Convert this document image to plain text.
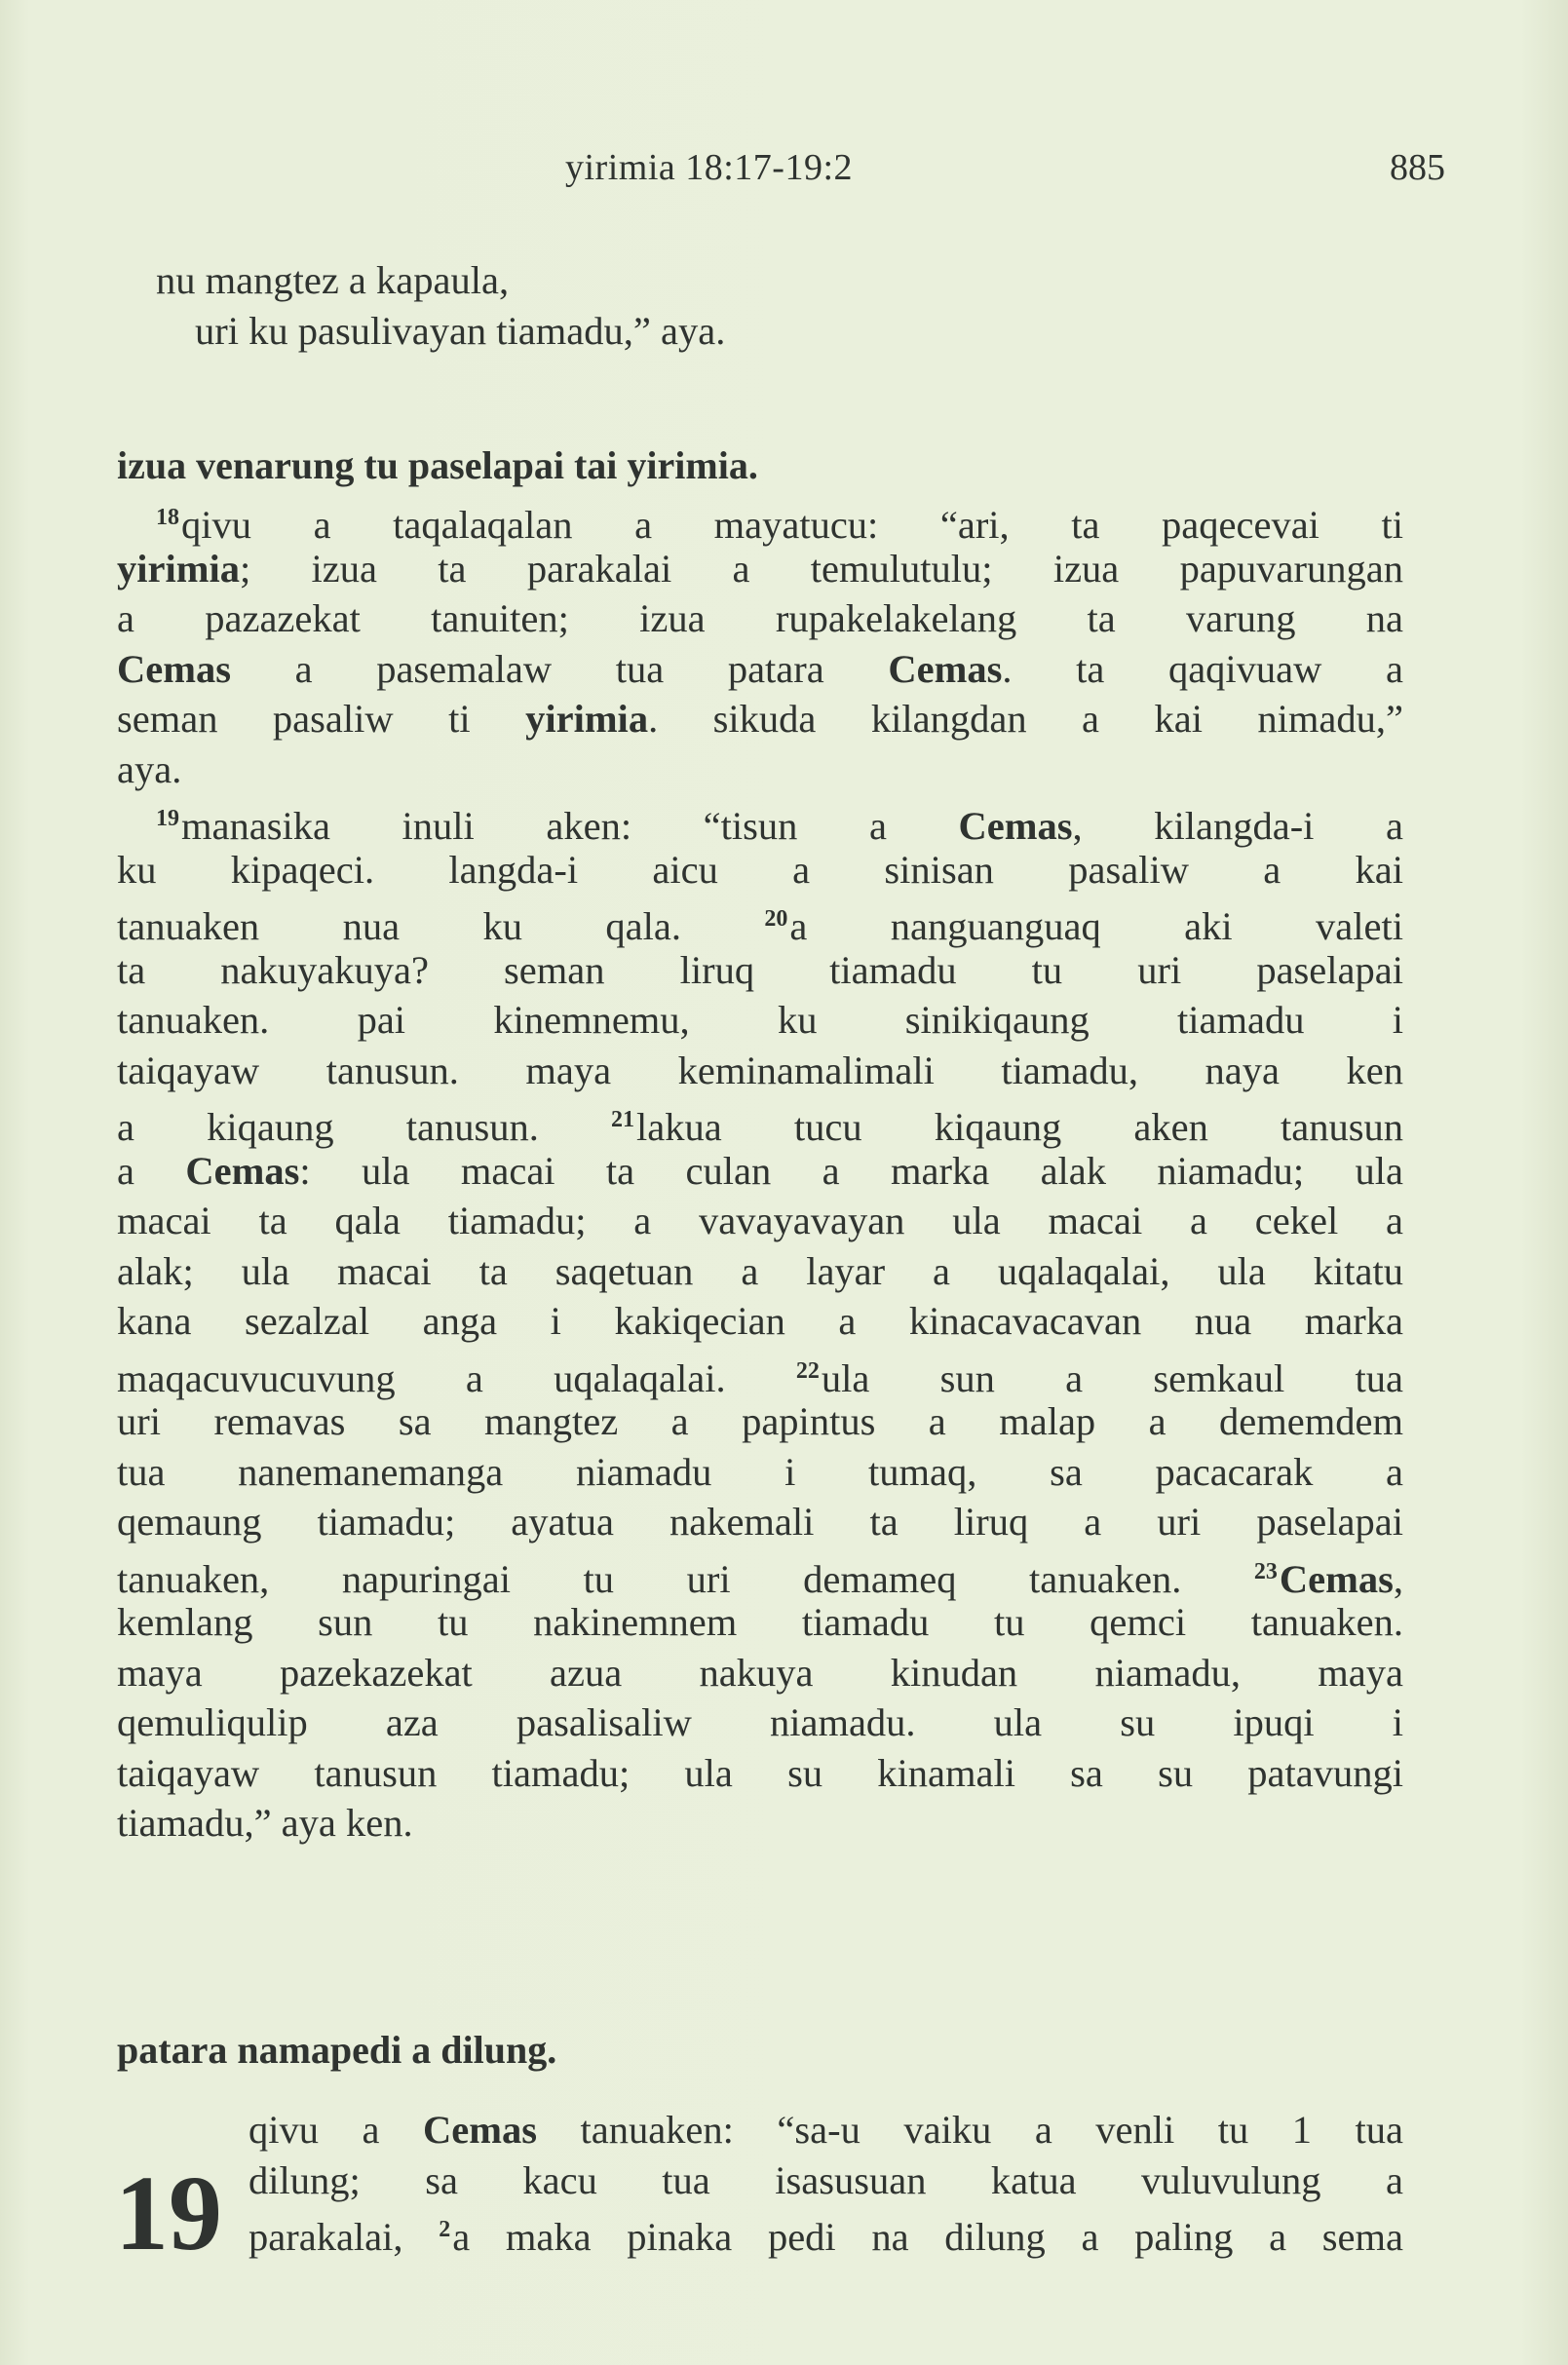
yirimia 18:17-19:2	885
nu mangtez a kapaula,
uri ku pasulivayan tiamadu,” aya.
izua venarung tu paselapai tai yirimia.
$^{18}$qivu a taqalaqalan a mayatucu: “ari, ta paqecevai ti
yirimia; izua ta parakalai a temulutulu; izua papuvarungan
a pazazekat tanuiten; izua rupakelakelang ta varung na
Cemas a pasemalaw tua patara Cemas. ta qaqivuaw a
seman pasaliw ti yirimia. sikuda kilangdan a kai nimadu,”
aya.
$^{19}$manasika inuli aken: “tisun a Cemas, kilangda-i a
ku kipaqeci. langda-i aicu a sinisan pasaliw a kai
tanuaken nua ku qala. $^{20}$a nanguanguaq aki valeti
ta nakuyakuya? seman liruq tiamadu tu uri paselapai
tanuaken. pai kinemnemu, ku sinikiqaung tiamadu i
taiqayaw tanusun. maya keminamalimali tiamadu, naya ken
a kiqaung tanusun. $^{21}$lakua tucu kiqaung aken tanusun
a Cemas: ula macai ta culan a marka alak niamadu; ula
macai ta qala tiamadu; a vavayavayan ula macai a cekel a
alak; ula macai ta saqetuan a layar a uqalaqalai, ula kitatu
kana sezalzal anga i kakiqecian a kinacavacavan nua marka
maqacuvucuvung a uqalaqalai. $^{22}$ula sun a semkaul tua
uri remavas sa mangtez a papintus a malap a dememdem
tua nanemanemanga niamadu i tumaq, sa pacacarak a
qemaung tiamadu; ayatua nakemali ta liruq a uri paselapai
tanuaken, napuringai tu uri demameq tanuaken. $^{23}$Cemas,
kemlang sun tu nakinemnem tiamadu tu qemci tanuaken.
maya pazekazekat azua nakuya kinudan niamadu, maya
qemuliqulip aza pasalisaliw niamadu. ula su ipuqi i
taiqayaw tanusun tiamadu; ula su kinamali sa su patavungi
tiamadu,” aya ken.
patara namapedi a dilung.
19
qivu a Cemas tanuaken: “sa-u vaiku a venli tu 1 tua
dilung; sa kacu tua isasusuan katua vuluvulung a
parakalai, $^2$a maka pinaka pedi na dilung a paling a sema
